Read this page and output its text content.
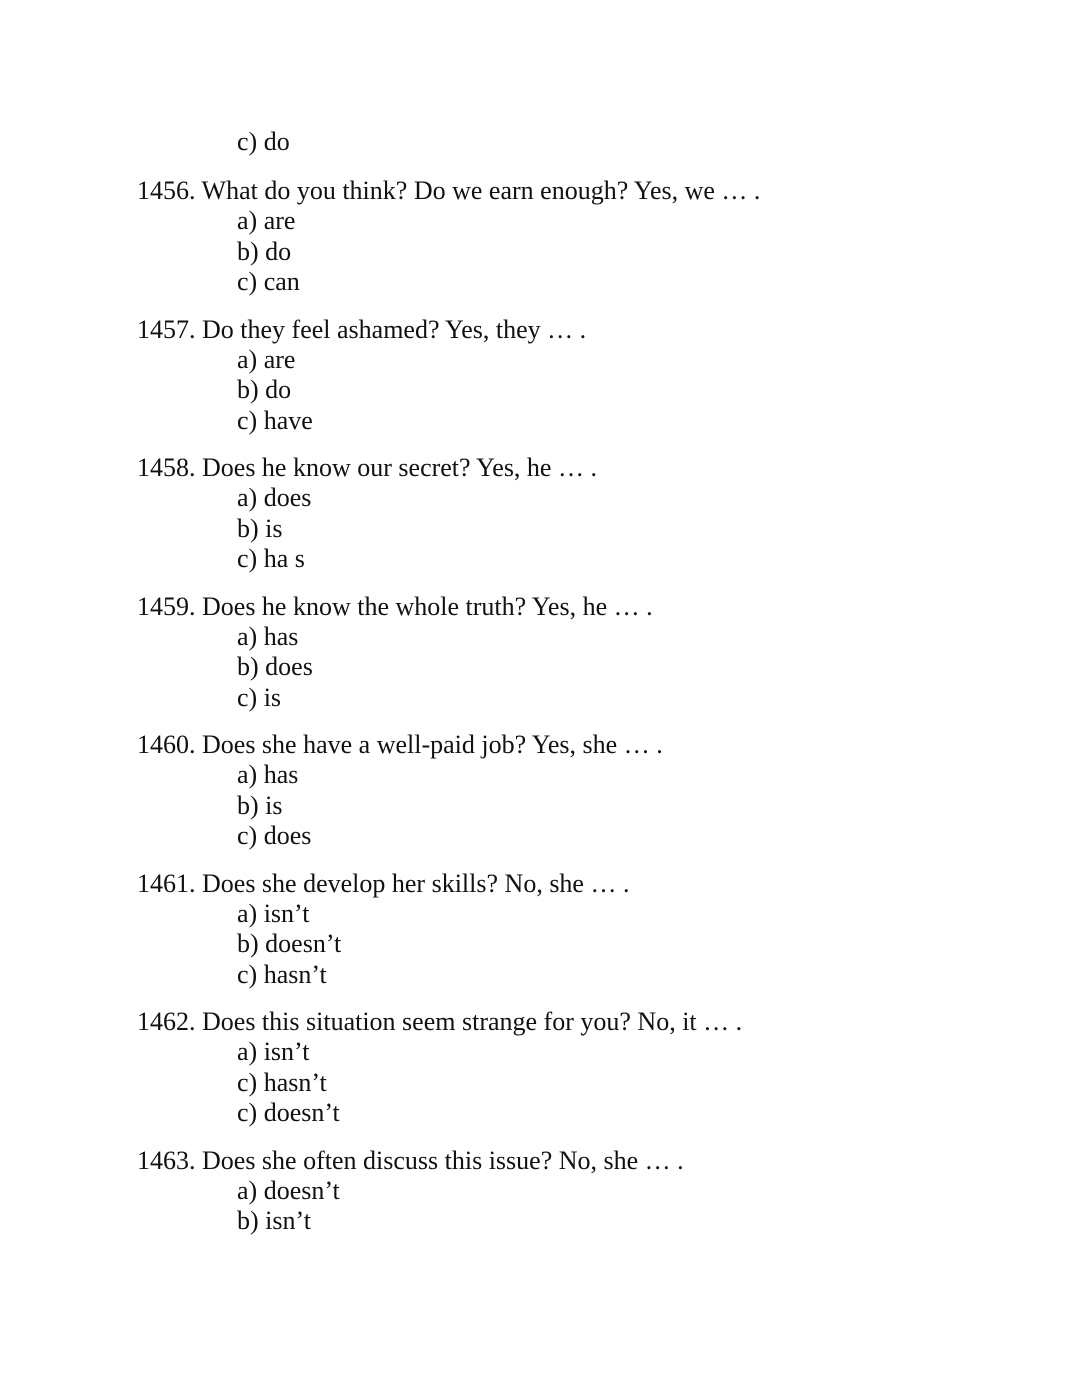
c) do
1456. What do you think? Do we earn enough? Yes, we … .
a) are
b) do
c) can
1457. Do they feel ashamed? Yes, they … .
a) are
b) do
c) have
1458. Does he know our secret? Yes, he … .
a) does
b) is
c) ha s
1459. Does he know the whole truth? Yes, he … .
a) has
b) does
c) is
1460. Does she have a well-paid job? Yes, she … .
a) has
b) is
c) does
1461. Does she develop her skills? No, she … .
a) isn’t
b) doesn’t
c) hasn’t
1462. Does this situation seem strange for you? No, it … .
a) isn’t
c) hasn’t
c) doesn’t
1463. Does she often discuss this issue? No, she … .
a) doesn’t
b) isn’t
